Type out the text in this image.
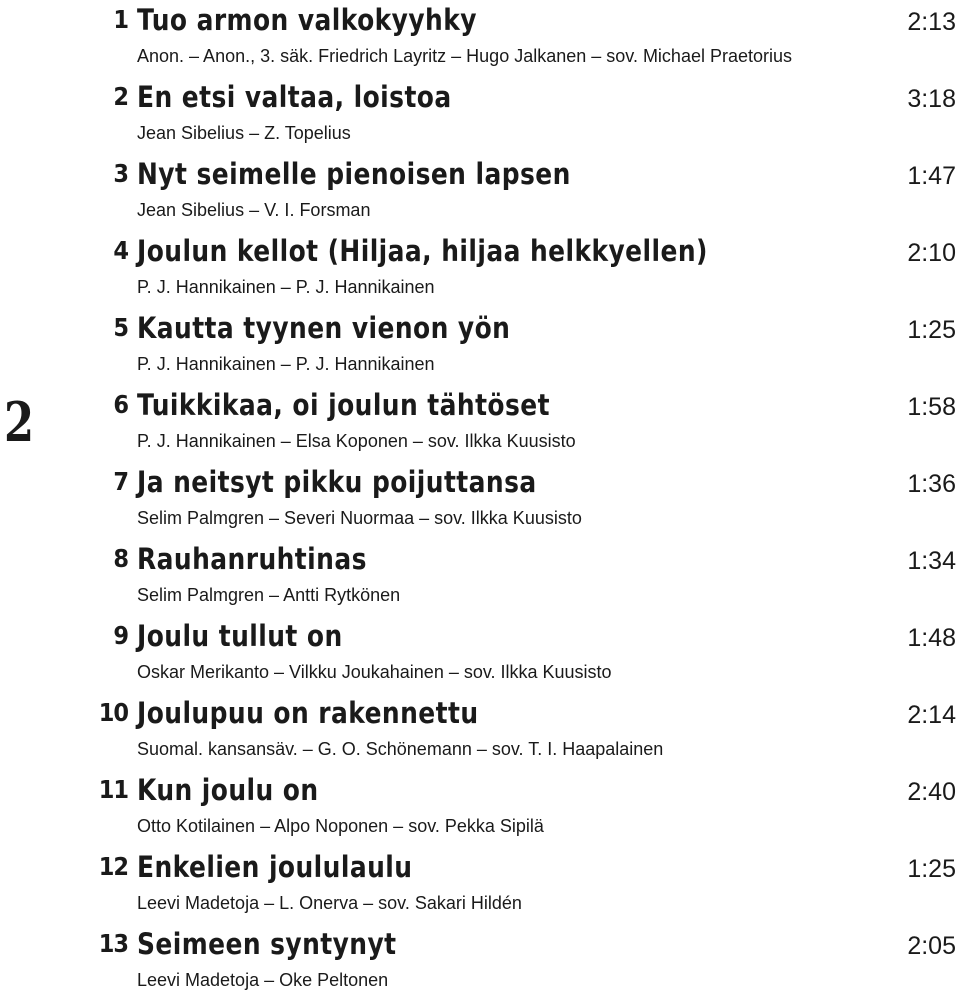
2
1 Tuo armon valkokyyhky	2:13
Anon. – Anon., 3. säk. Friedrich Layritz – Hugo Jalkanen – sov. Michael Praetorius
2 En etsi valtaa, loistoa	3:18
Jean Sibelius – Z. Topelius
3 Nyt seimelle pienoisen lapsen	1:47
Jean Sibelius – V. I. Forsman
4 Joulun kellot (Hiljaa, hiljaa helkkyellen)	2:10
P. J. Hannikainen – P. J. Hannikainen
5 Kautta tyynen vienon yön	1:25
P. J. Hannikainen – P. J. Hannikainen
6 Tuikkikaa, oi joulun tähtöset	1:58
P. J. Hannikainen – Elsa Koponen – sov. Ilkka Kuusisto
7 Ja neitsyt pikku poijuttansa	1:36
Selim Palmgren – Severi Nuormaa – sov. Ilkka Kuusisto
8 Rauhanruhtinas	1:34
Selim Palmgren – Antti Rytkönen
9 Joulu tullut on	1:48
Oskar Merikanto – Vilkku Joukahainen – sov. Ilkka Kuusisto
10 Joulupuu on rakennettu	2:14
Suomal. kansansäv. – G. O. Schönemann – sov. T. I. Haapalainen
11 Kun joulu on	2:40
Otto Kotilainen – Alpo Noponen – sov. Pekka Sipilä
12 Enkelien joululaulu	1:25
Leevi Madetoja – L. Onerva – sov. Sakari Hildén
13 Seimeen syntynyt	2:05
Leevi Madetoja – Oke Peltonen
